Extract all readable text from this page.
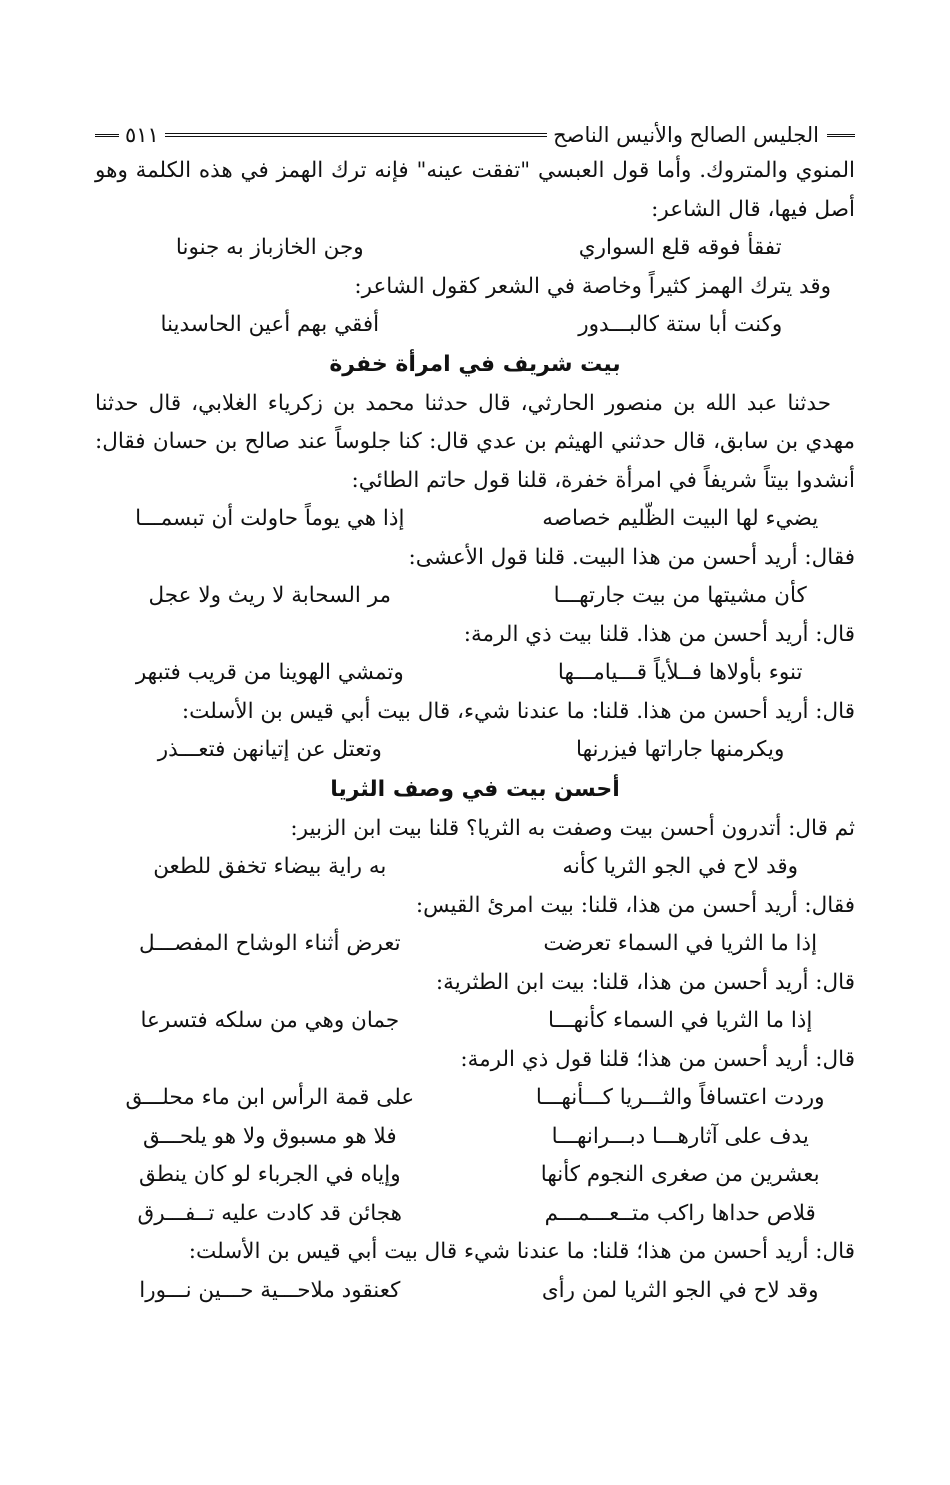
الجليس الصالح والأنيس الناصح
٥١١

المنوي والمتروك. وأما قول العبسي "تفقت عينه" فإنه ترك الهمز في هذه الكلمة وهو أصل فيها، قال الشاعر:

تفقأ فوقه قلع السواري
وجن الخازباز به جنونا

وقد يترك الهمز كثيراً وخاصة في الشعر كقول الشاعر:

وكنت أبا ستة كالبـــدور
أفقي بهم أعين الحاسدينا
بيت شريف في امرأة خفرة

حدثنا عبد الله بن منصور الحارثي، قال حدثنا محمد بن زكرياء الغلابي، قال حدثنا مهدي بن سابق، قال حدثني الهيثم بن عدي قال: كنا جلوساً عند صالح بن حسان فقال: أنشدوا بيتاً شريفاً في امرأة خفرة، قلنا قول حاتم الطائي:

يضيء لها البيت الظّليم خصاصه
إذا هي يوماً حاولت أن تبسمـــا

فقال: أريد أحسن من هذا البيت. قلنا قول الأعشى:

كأن مشيتها من بيت جارتهـــا
مر السحابة لا ريث ولا عجل

قال: أريد أحسن من هذا. قلنا بيت ذي الرمة:

تنوء بأولاها فــلأياً قـــيامـــها
وتمشي الهوينا من قريب فتبهر

قال: أريد أحسن من هذا. قلنا: ما عندنا شيء، قال بيت أبي قيس بن الأسلت:

ويكرمنها جاراتها فيزرنها
وتعتل عن إتيانهن فتعـــذر
أحسن بيت في وصف الثريا

ثم قال: أتدرون أحسن بيت وصفت به الثريا؟ قلنا بيت ابن الزبير:

وقد لاح في الجو الثريا كأنه
به راية بيضاء تخفق للطعن

فقال: أريد أحسن من هذا، قلنا: بيت امرئ القيس:

إذا ما الثريا في السماء تعرضت
تعرض أثناء الوشاح المفصـــل

قال: أريد أحسن من هذا، قلنا: بيت ابن الطثرية:

إذا ما الثريا في السماء كأنهـــا
جمان وهي من سلكه فتسرعا

قال: أريد أحسن من هذا؛ قلنا قول ذي الرمة:

وردت اعتسافاً والثـــريا كـــأنهـــا
على قمة الرأس ابن ماء محلـــق
يدف على آثارهـــا دبـــرانهـــا
فلا هو مسبوق ولا هو يلحـــق
بعشرين من صغرى النجوم كأنها
وإياه في الجرباء لو كان ينطق
قلاص حداها راكب متــعـــمـــم
هجائن قد كادت عليه تــفـــرق

قال: أريد أحسن من هذا؛ قلنا: ما عندنا شيء قال بيت أبي قيس بن الأسلت:

وقد لاح في الجو الثريا لمن رأى
كعنقود ملاحـــية حـــين نـــورا
